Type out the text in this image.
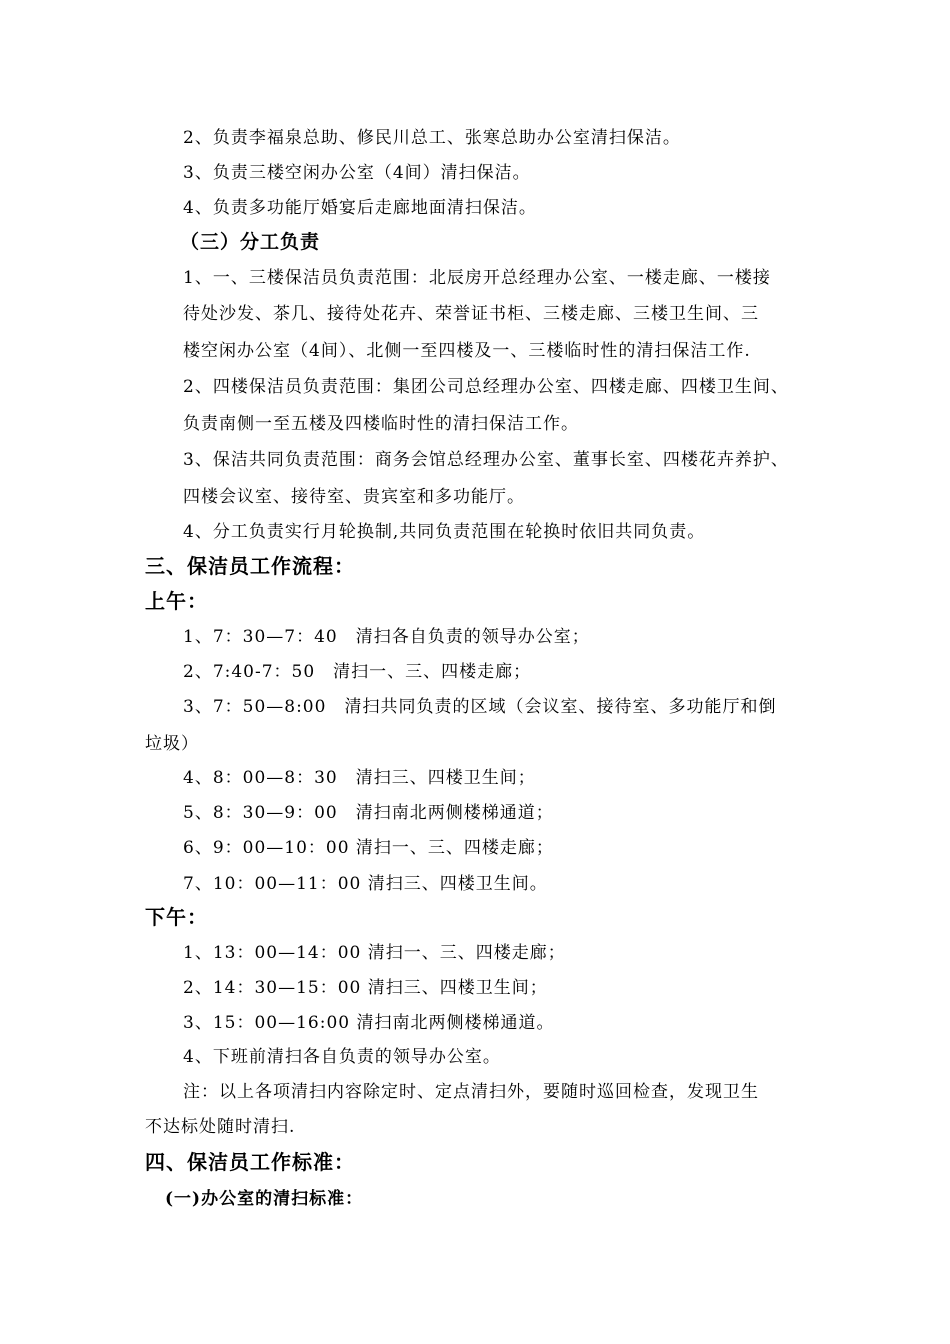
2、负责李福泉总助、修民川总工、张寒总助办公室清扫保洁。
3、负责三楼空闲办公室（4间）清扫保洁。
4、负责多功能厅婚宴后走廊地面清扫保洁。
（三）分工负责
1、一、三楼保洁员负责范围：北辰房开总经理办公室、一楼走廊、一楼接
待处沙发、茶几、接待处花卉、荣誉证书柜、三楼走廊、三楼卫生间、三
楼空闲办公室（4间）、北侧一至四楼及一、三楼临时性的清扫保洁工作.
2、四楼保洁员负责范围：集团公司总经理办公室、四楼走廊、四楼卫生间、
负责南侧一至五楼及四楼临时性的清扫保洁工作。
3、保洁共同负责范围：商务会馆总经理办公室、董事长室、四楼花卉养护、
四楼会议室、接待室、贵宾室和多功能厅。
4、分工负责实行月轮换制,共同负责范围在轮换时依旧共同负责。
三、保洁员工作流程：
上午：
1、7：30—7：40　清扫各自负责的领导办公室；
2、7:40-7：50　清扫一、三、四楼走廊；
3、7：50—8:00　清扫共同负责的区域（会议室、接待室、多功能厅和倒
垃圾）
4、8：00—8：30　清扫三、四楼卫生间；
5、8：30—9：00　清扫南北两侧楼梯通道；
6、9：00—10：00 清扫一、三、四楼走廊；
7、10：00—11：00 清扫三、四楼卫生间。
下午：
1、13：00—14：00 清扫一、三、四楼走廊；
2、14：30—15：00 清扫三、四楼卫生间；
3、15：00—16:00 清扫南北两侧楼梯通道。
4、下班前清扫各自负责的领导办公室。
注：以上各项清扫内容除定时、定点清扫外，要随时巡回检查，发现卫生
不达标处随时清扫.
四、保洁员工作标准：
(一)办公室的清扫标准：
